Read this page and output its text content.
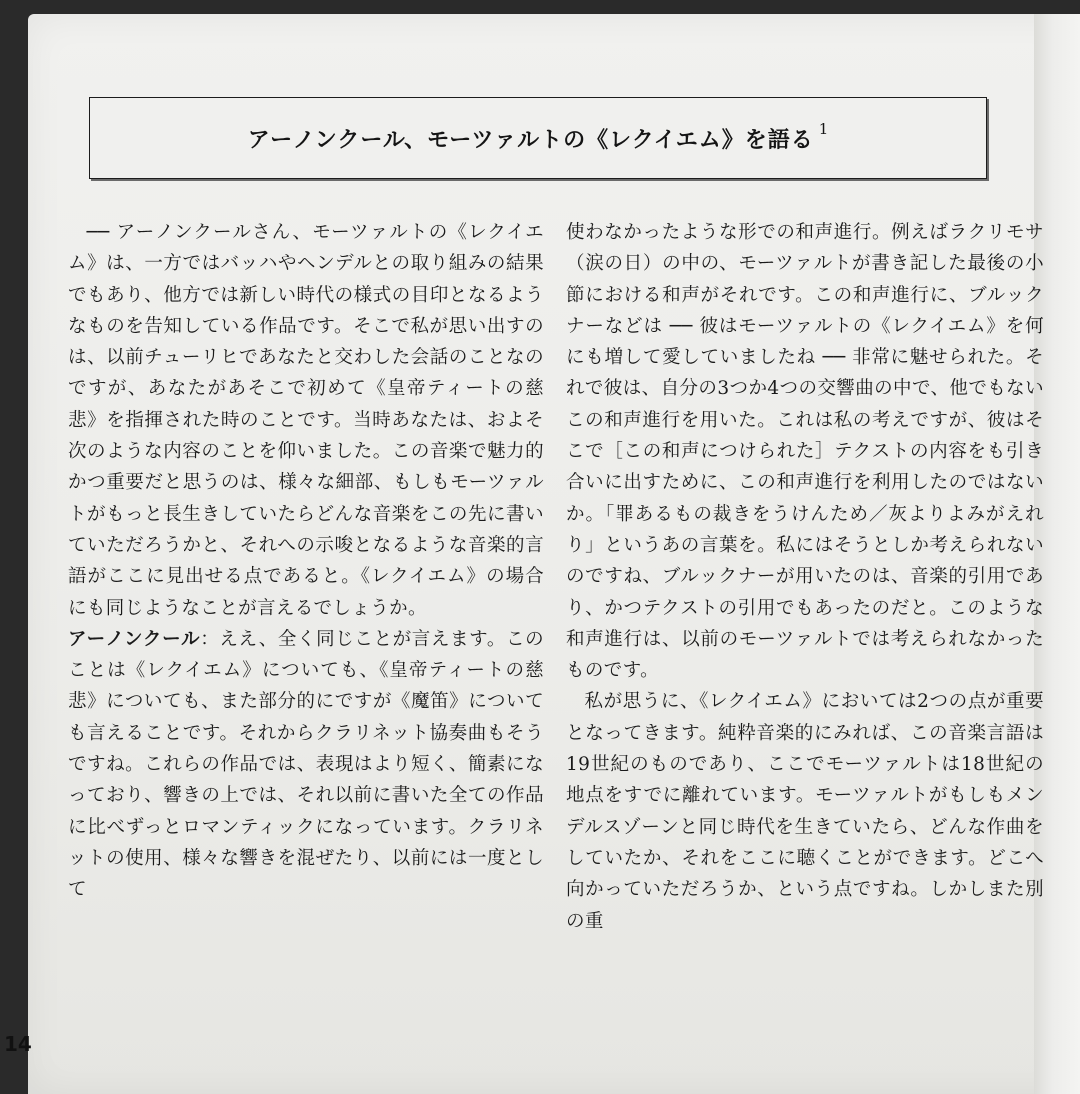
アーノンクール、モーツァルトの《レクイエム》を語る 1

── アーノンクールさん、モーツァルトの《レクイエム》は、一方ではバッハやヘンデルとの取り組みの結果でもあり、他方では新しい時代の様式の目印となるようなものを告知している作品です。そこで私が思い出すのは、以前チューリヒであなたと交わした会話のことなのですが、あなたがあそこで初めて《皇帝ティートの慈悲》を指揮された時のことです。当時あなたは、およそ次のような内容のことを仰いました。この音楽で魅力的かつ重要だと思うのは、様々な細部、もしもモーツァルトがもっと長生きしていたらどんな音楽をこの先に書いていただろうかと、それへの示唆となるような音楽的言語がここに見出せる点であると。《レクイエム》の場合にも同じようなことが言えるでしょうか。

アーノンクール：ええ、全く同じことが言えます。このことは《レクイエム》についても、《皇帝ティートの慈悲》についても、また部分的にですが《魔笛》についても言えることです。それからクラリネット協奏曲もそうですね。これらの作品では、表現はより短く、簡素になっており、響きの上では、それ以前に書いた全ての作品に比べずっとロマンティックになっています。クラリネットの使用、様々な響きを混ぜたり、以前には一度として

使わなかったような形での和声進行。例えばラクリモサ（涙の日）の中の、モーツァルトが書き記した最後の小節における和声がそれです。この和声進行に、ブルックナーなどは ── 彼はモーツァルトの《レクイエム》を何にも増して愛していましたね ── 非常に魅せられた。それで彼は、自分の3つか4つの交響曲の中で、他でもないこの和声進行を用いた。これは私の考えですが、彼はそこで［この和声につけられた］テクストの内容をも引き合いに出すために、この和声進行を利用したのではないか。「罪あるもの裁きをうけんため／灰よりよみがえれり」というあの言葉を。私にはそうとしか考えられないのですね、ブルックナーが用いたのは、音楽的引用であり、かつテクストの引用でもあったのだと。このような和声進行は、以前のモーツァルトでは考えられなかったものです。

私が思うに、《レクイエム》においては2つの点が重要となってきます。純粋音楽的にみれば、この音楽言語は19世紀のものであり、ここでモーツァルトは18世紀の地点をすでに離れています。モーツァルトがもしもメンデルスゾーンと同じ時代を生きていたら、どんな作曲をしていたか、それをここに聴くことができます。どこへ向かっていただろうか、という点ですね。しかしまた別の重

14
